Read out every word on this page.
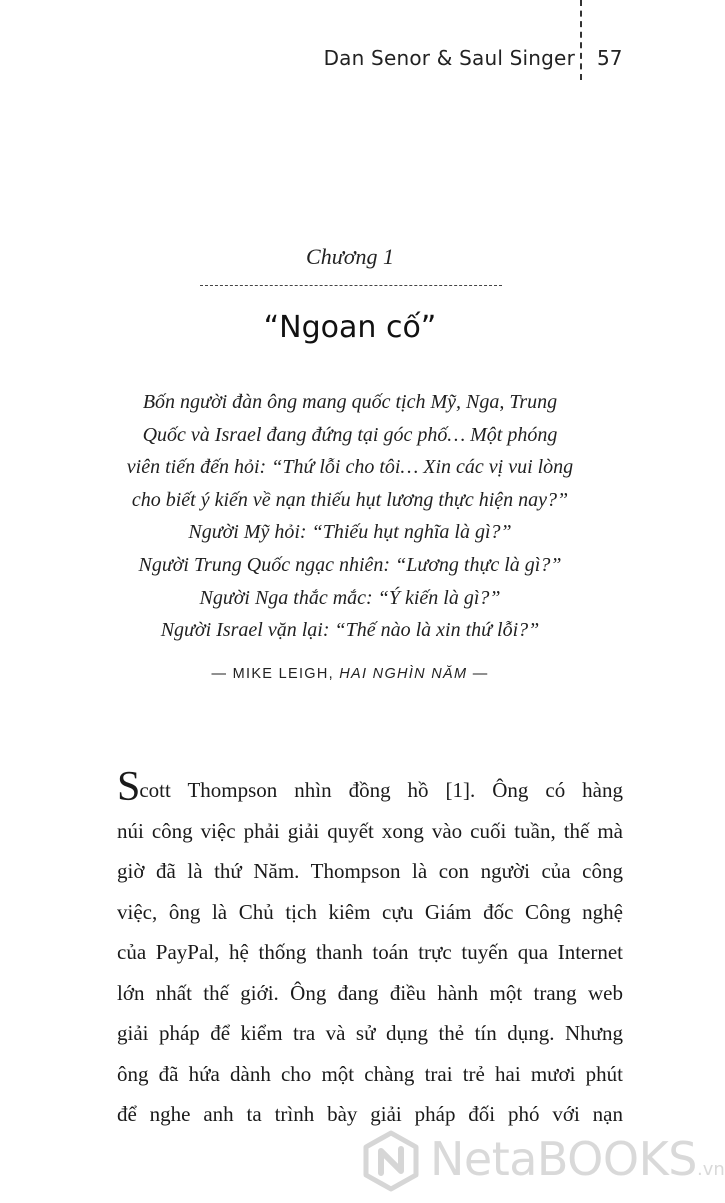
Dan Senor & Saul Singer 57
Chương 1
“Ngoan cố”
Bốn người đàn ông mang quốc tịch Mỹ, Nga, Trung
Quốc và Israel đang đứng tại góc phố… Một phóng
viên tiến đến hỏi: “Thứ lỗi cho tôi… Xin các vị vui lòng
cho biết ý kiến về nạn thiếu hụt lương thực hiện nay?”
Người Mỹ hỏi: “Thiếu hụt nghĩa là gì?”
Người Trung Quốc ngạc nhiên: “Lương thực là gì?”
Người Nga thắc mắc: “Ý kiến là gì?”
Người Israel vặn lại: “Thế nào là xin thứ lỗi?”
— MIKE LEIGH, HAI NGHÌN NĂM —
Scott Thompson nhìn đồng hồ [1]. Ông có hàng
núi công việc phải giải quyết xong vào cuối tuần, thế mà
giờ đã là thứ Năm. Thompson là con người của công
việc, ông là Chủ tịch kiêm cựu Giám đốc Công nghệ
của PayPal, hệ thống thanh toán trực tuyến qua Internet
lớn nhất thế giới. Ông đang điều hành một trang web
giải pháp để kiểm tra và sử dụng thẻ tín dụng. Nhưng
ông đã hứa dành cho một chàng trai trẻ hai mươi phút
để nghe anh ta trình bày giải pháp đối phó với nạn
NetaBOOKS.vn
